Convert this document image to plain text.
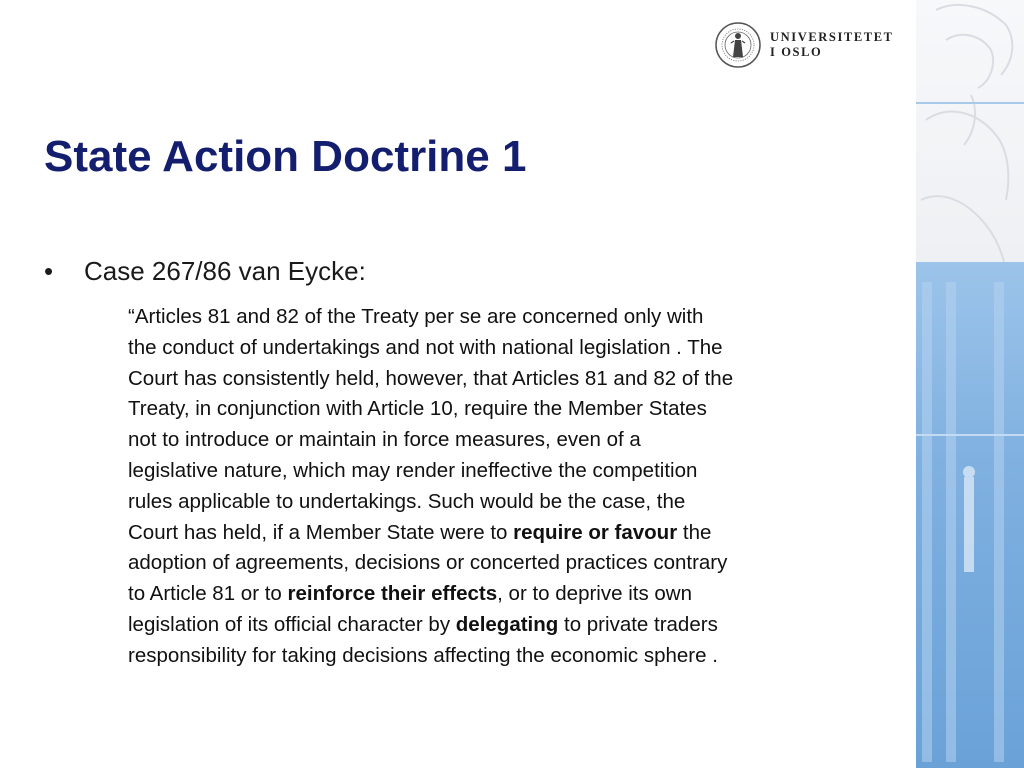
UNIVERSITETET
I OSLO
State Action Doctrine 1
•	Case 267/86 van Eycke:
“Articles 81 and 82 of the Treaty per se are concerned only with
the conduct of undertakings and not with national legislation . The
Court has consistently held, however, that Articles 81 and 82 of the
Treaty, in conjunction with Article 10, require the Member States
not to introduce or maintain in force measures, even of a
legislative nature, which may render ineffective the competition
rules applicable to undertakings. Such would be the case, the
Court has held, if a Member State were to require or favour the
adoption of agreements, decisions or concerted practices contrary
to Article 81 or to reinforce their effects, or to deprive its own
legislation of its official character by delegating to private traders
responsibility for taking decisions affecting the economic sphere .
